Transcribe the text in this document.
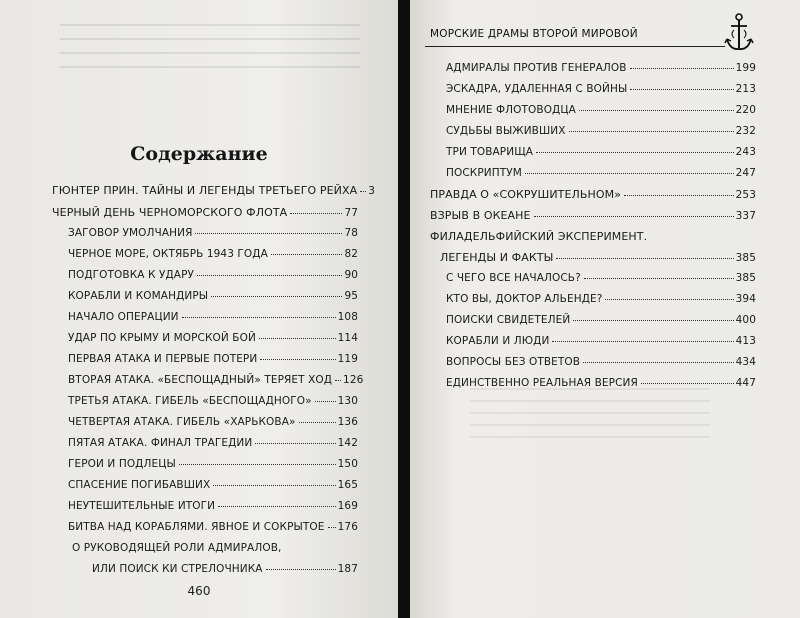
Содержание
ГЮНТЕР ПРИН. ТАЙНЫ И ЛЕГЕНДЫ ТРЕТЬЕГО РЕЙХА 3
ЧЕРНЫЙ ДЕНЬ ЧЕРНОМОРСКОГО ФЛОТА	77
ЗАГОВОР УМОЛЧАНИЯ	78
ЧЕРНОЕ МОРЕ, ОКТЯБРЬ 1943 ГОДА	82
ПОДГОТОВКА К УДАРУ	90
КОРАБЛИ И КОМАНДИРЫ	95
НАЧАЛО ОПЕРАЦИИ	108
УДАР ПО КРЫМУ И МОРСКОЙ БОЙ	114
ПЕРВАЯ АТАКА И ПЕРВЫЕ ПОТЕРИ	119
ВТОРАЯ АТАКА. «БЕСПОЩАДНЫЙ» ТЕРЯЕТ ХОД 126
ТРЕТЬЯ АТАКА. ГИБЕЛЬ «БЕСПОЩАДНОГО» 130
ЧЕТВЕРТАЯ АТАКА. ГИБЕЛЬ «ХАРЬКОВА»	136
ПЯТАЯ АТАКА. ФИНАЛ ТРАГЕДИИ	142
ГЕРОИ И ПОДЛЕЦЫ	150
СПАСЕНИЕ ПОГИБАВШИХ	165
НЕУТЕШИТЕЛЬНЫЕ ИТОГИ	169
БИТВА НАД КОРАБЛЯМИ. ЯВНОЕ И СОКРЫТОЕ 176
О РУКОВОДЯЩЕЙ РОЛИ АДМИРАЛОВ,
ИЛИ ПОИСК КИ СТРЕЛОЧНИКА	187
460
МОРСКИЕ ДРАМЫ ВТОРОЙ МИРОВОЙ
АДМИРАЛЫ ПРОТИВ ГЕНЕРАЛОВ	199
ЭСКАДРА, УДАЛЕННАЯ С ВОЙНЫ	213
МНЕНИЕ ФЛОТОВОДЦА	220
СУДЬБЫ ВЫЖИВШИХ	232
ТРИ ТОВАРИЩА	243
ПОСКРИПТУМ	247
ПРАВДА О «СОКРУШИТЕЛЬНОМ»	253
ВЗРЫВ В ОКЕАНЕ	337
ФИЛАДЕЛЬФИЙСКИЙ ЭКСПЕРИМЕНТ.
ЛЕГЕНДЫ И ФАКТЫ	385
С ЧЕГО ВСЕ НАЧАЛОСЬ?	385
КТО ВЫ, ДОКТОР АЛЬЕНДЕ?	394
ПОИСКИ СВИДЕТЕЛЕЙ	400
КОРАБЛИ И ЛЮДИ	413
ВОПРОСЫ БЕЗ ОТВЕТОВ	434
ЕДИНСТВЕННО РЕАЛЬНАЯ ВЕРСИЯ	447
